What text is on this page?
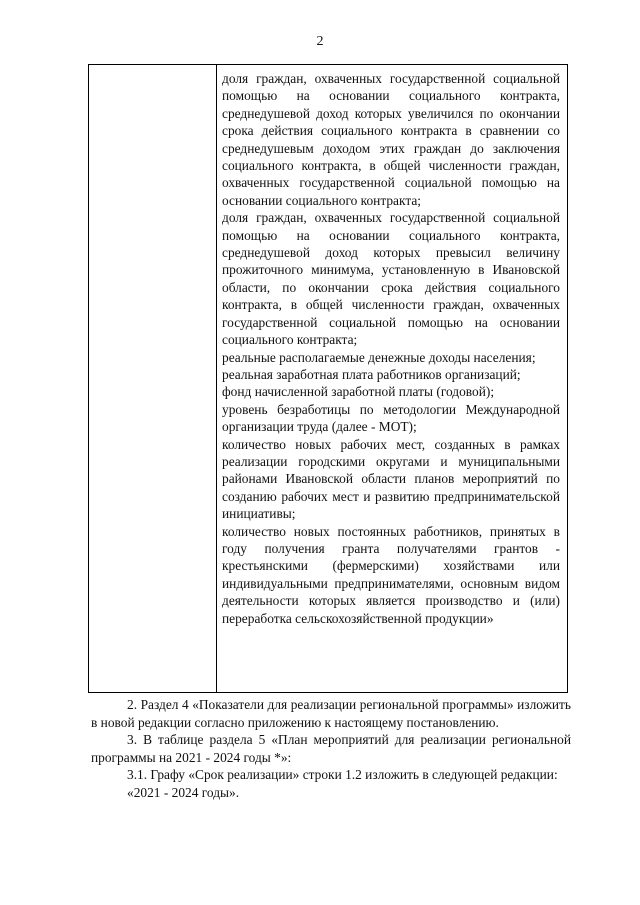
2

доля граждан, охваченных государственной социальной помощью на основании социального контракта, среднедушевой доход которых увеличился по окончании срока действия социального контракта в сравнении со среднедушевым доходом этих граждан до заключения социального контракта, в общей численности граждан, охваченных государственной социальной помощью на основании социального контракта;

доля граждан, охваченных государственной социальной помощью на основании социального контракта, среднедушевой доход которых превысил величину прожиточного минимума, установленную в Ивановской области, по окончании срока действия социального контракта, в общей численности граждан, охваченных государственной социальной помощью на основании социального контракта;

реальные располагаемые денежные доходы населения;

реальная заработная плата работников организаций;

фонд начисленной заработной платы (годовой);

уровень безработицы по методологии Международной организации труда (далее - МОТ);

количество новых рабочих мест, созданных в рамках реализации городскими округами и муниципальными районами Ивановской области планов мероприятий по созданию рабочих мест и развитию предпринимательской инициативы;

количество новых постоянных работников, принятых в году получения гранта получателями грантов - крестьянскими (фермерскими) хозяйствами или индивидуальными предпринимателями, основным видом деятельности которых является производство и (или) переработка сельскохозяйственной продукции»

2. Раздел 4 «Показатели для реализации региональной программы» изложить в новой редакции согласно приложению к настоящему постановлению.

3. В таблице раздела 5 «План мероприятий для реализации региональной программы на 2021 - 2024 годы *»:

3.1. Графу «Срок реализации» строки 1.2 изложить в следующей редакции:

«2021 - 2024 годы».
